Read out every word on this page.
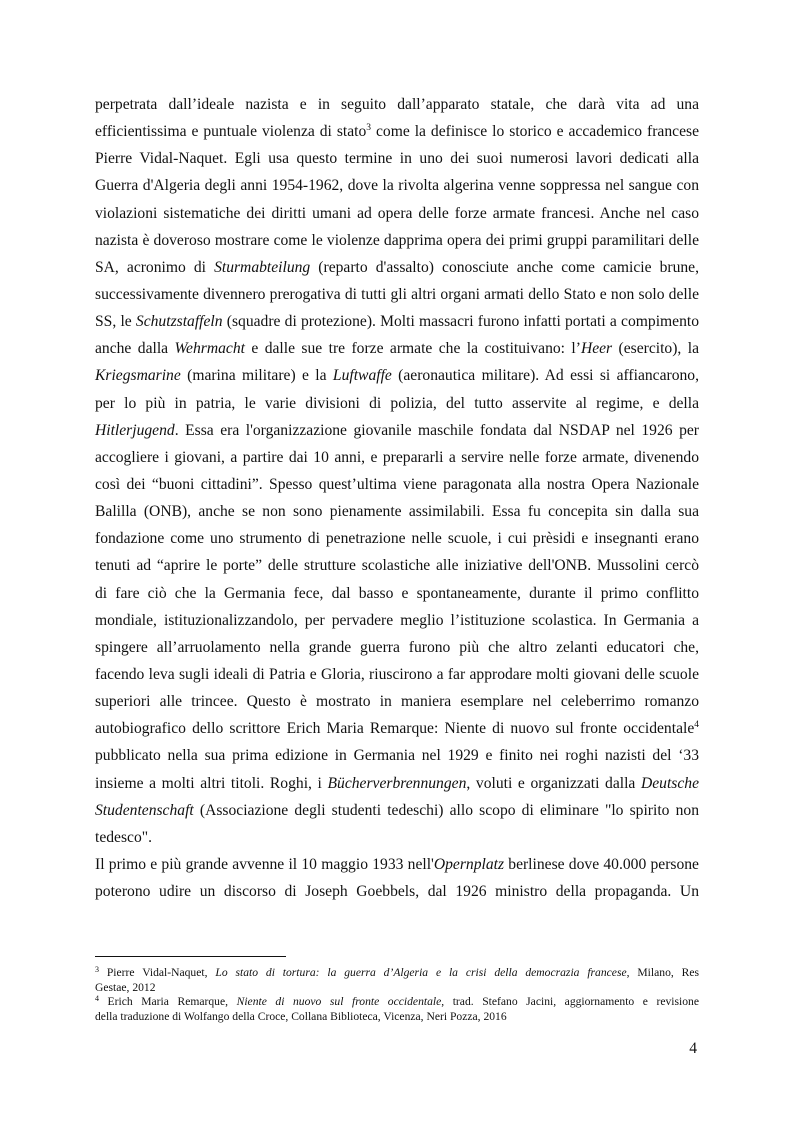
perpetrata dall’ideale nazista e in seguito dall’apparato statale, che darà vita ad una
efficientissima e puntuale violenza di stato$^3$ come la definisce lo storico e accademico francese
Pierre Vidal-Naquet. Egli usa questo termine in uno dei suoi numerosi lavori dedicati alla
Guerra d'Algeria degli anni 1954-1962, dove la rivolta algerina venne soppressa nel sangue con
violazioni sistematiche dei diritti umani ad opera delle forze armate francesi. Anche nel caso
nazista è doveroso mostrare come le violenze dapprima opera dei primi gruppi paramilitari delle
SA, acronimo di Sturmabteilung (reparto d'assalto) conosciute anche come camicie brune,
successivamente divennero prerogativa di tutti gli altri organi armati dello Stato e non solo delle
SS, le Schutzstaffeln (squadre di protezione). Molti massacri furono infatti portati a compimento
anche dalla Wehrmacht e dalle sue tre forze armate che la costituivano: l’Heer (esercito), la
Kriegsmarine (marina militare) e la Luftwaffe (aeronautica militare). Ad essi si affiancarono,
per lo più in patria, le varie divisioni di polizia, del tutto asservite al regime, e della
Hitlerjugend. Essa era l'organizzazione giovanile maschile fondata dal NSDAP nel 1926 per
accogliere i giovani, a partire dai 10 anni, e prepararli a servire nelle forze armate, divenendo
così dei “buoni cittadini”. Spesso quest’ultima viene paragonata alla nostra Opera Nazionale
Balilla (ONB), anche se non sono pienamente assimilabili. Essa fu concepita sin dalla sua
fondazione come uno strumento di penetrazione nelle scuole, i cui prèsidi e insegnanti erano
tenuti ad “aprire le porte” delle strutture scolastiche alle iniziative dell'ONB. Mussolini cercò
di fare ciò che la Germania fece, dal basso e spontaneamente, durante il primo conflitto
mondiale, istituzionalizzandolo, per pervadere meglio l’istituzione scolastica. In Germania a
spingere all’arruolamento nella grande guerra furono più che altro zelanti educatori che,
facendo leva sugli ideali di Patria e Gloria, riuscirono a far approdare molti giovani delle scuole
superiori alle trincee. Questo è mostrato in maniera esemplare nel celeberrimo romanzo
autobiografico dello scrittore Erich Maria Remarque: Niente di nuovo sul fronte occidentale$^4$
pubblicato nella sua prima edizione in Germania nel 1929 e finito nei roghi nazisti del ‘33
insieme a molti altri titoli. Roghi, i Bücherverbrennungen, voluti e organizzati dalla Deutsche
Studentenschaft (Associazione degli studenti tedeschi) allo scopo di eliminare "lo spirito non
tedesco".
Il primo e più grande avvenne il 10 maggio 1933 nell'Opernplatz berlinese dove 40.000 persone
poterono udire un discorso di Joseph Goebbels, dal 1926 ministro della propaganda. Un
$^3$ Pierre Vidal-Naquet, Lo stato di tortura: la guerra d’Algeria e la crisi della democrazia francese, Milano, Res
Gestae, 2012
$^4$ Erich Maria Remarque, Niente di nuovo sul fronte occidentale, trad. Stefano Jacini, aggiornamento e revisione
della traduzione di Wolfango della Croce, Collana Biblioteca, Vicenza, Neri Pozza, 2016
4
